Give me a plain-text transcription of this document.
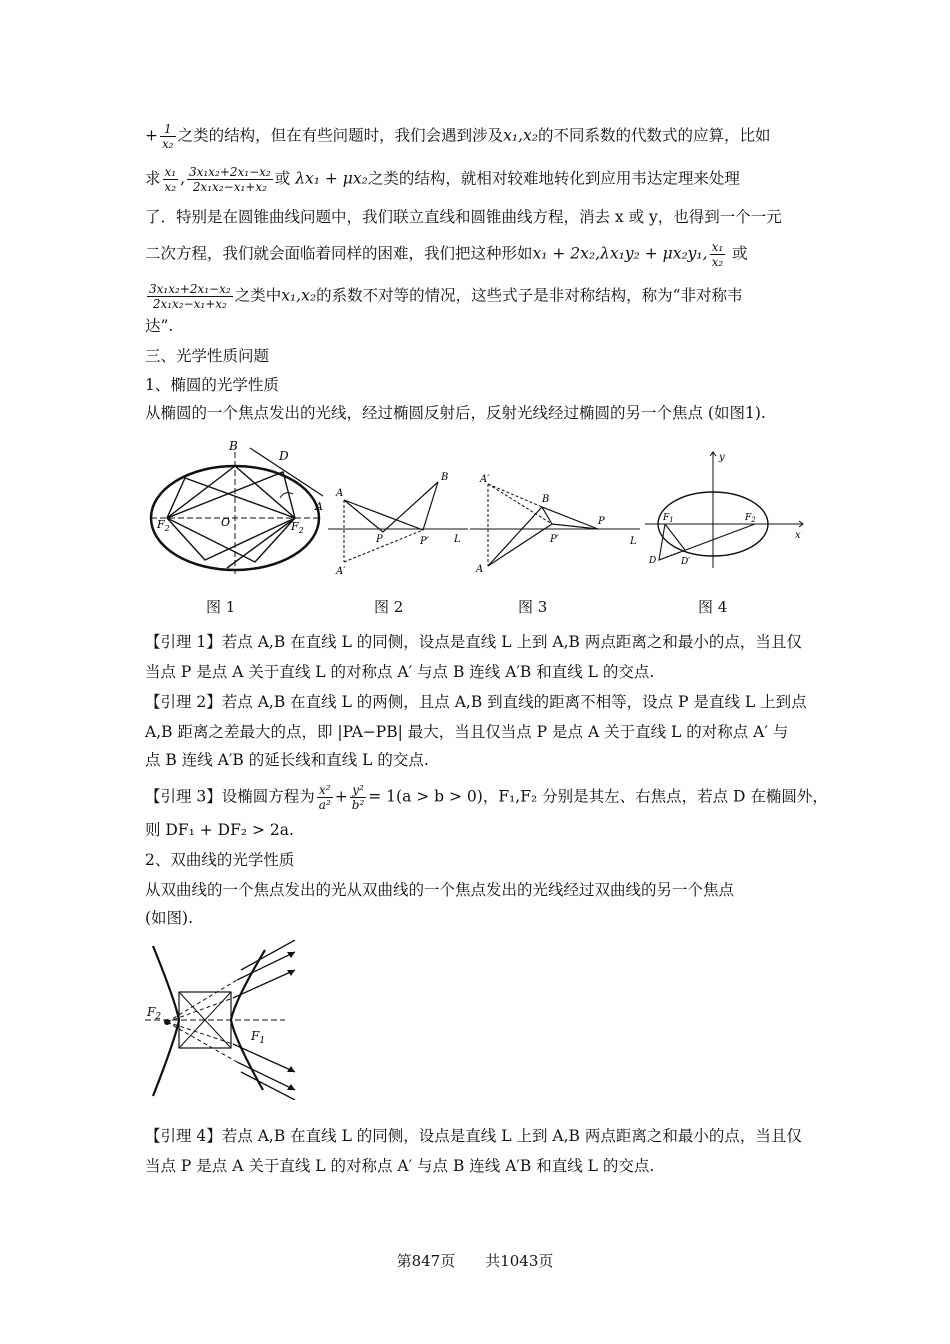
+ $\frac{1}{\text{x₂}}$ 之类的结构，但在有些问题时，我们会遇到涉及x₁,x₂的不同系数的代数式的应算，比如
求 $\frac{\text{x₁}}{\text{x₂}}$ , $\frac{\text{3x₁x₂+2x₁−x₂}}{\text{2x₁x₂−x₁+x₂}}$ 或 λx₁ + μx₂之类的结构，就相对较难地转化到应用韦达定理来处理
了．特别是在圆锥曲线问题中，我们联立直线和圆锥曲线方程，消去 x 或 y，也得到一个一元
二次方程，我们就会面临着同样的困难，我们把这种形如x₁ + 2x₂,λx₁y₂ + μx₂y₁, $\frac{\text{x₁}}{\text{x₂}}$ 或
$\frac{\text{3x₁x₂+2x₁−x₂}}{\text{2x₁x₂−x₁+x₂}}$ 之类中x₁,x₂的系数不对等的情况，这些式子是非对称结构，称为“非对称韦
达”.
三、光学性质问题
1、椭圆的光学性质
从椭圆的一个焦点发出的光线，经过椭圆反射后，反射光线经过椭圆的另一个焦点 (如图1).
B
D
$F_2$	O	$F_2$
A
A
B
P	P′	L
A′
A′
B
P
P′	L
A
y
x
$F_1$	$F_2$
D	D′
图 1	图 2	图 3	图 4
【引理 1】若点 A,B 在直线 L 的同侧，设点是直线 L 上到 A,B 两点距离之和最小的点，当且仅
当点 P 是点 A 关于直线 L 的对称点 A′ 与点 B 连线 A′B 和直线 L 的交点.
【引理 2】若点 A,B 在直线 L 的两侧，且点 A,B 到直线的距离不相等，设点 P 是直线 L 上到点
A,B 距离之差最大的点，即 |PA−PB| 最大，当且仅当点 P 是点 A 关于直线 L 的对称点 A′ 与
点 B 连线 A′B 的延长线和直线 L 的交点.
【引理 3】设椭圆方程为 $\frac{\text{x²}}{\text{a²}} + \frac{\text{y²}}{\text{b²}} = 1(a > b > 0)$，F₁,F₂ 分别是其左、右焦点，若点 D 在椭圆外，
则 DF₁ + DF₂ > 2a.
2、双曲线的光学性质
从双曲线的一个焦点发出的光从双曲线的一个焦点发出的光线经过双曲线的另一个焦点
(如图).
$F_2$
$F_1$
【引理 4】若点 A,B 在直线 L 的同侧，设点是直线 L 上到 A,B 两点距离之和最小的点，当且仅
当点 P 是点 A 关于直线 L 的对称点 A′ 与点 B 连线 A′B 和直线 L 的交点.
第847页　　共1043页
